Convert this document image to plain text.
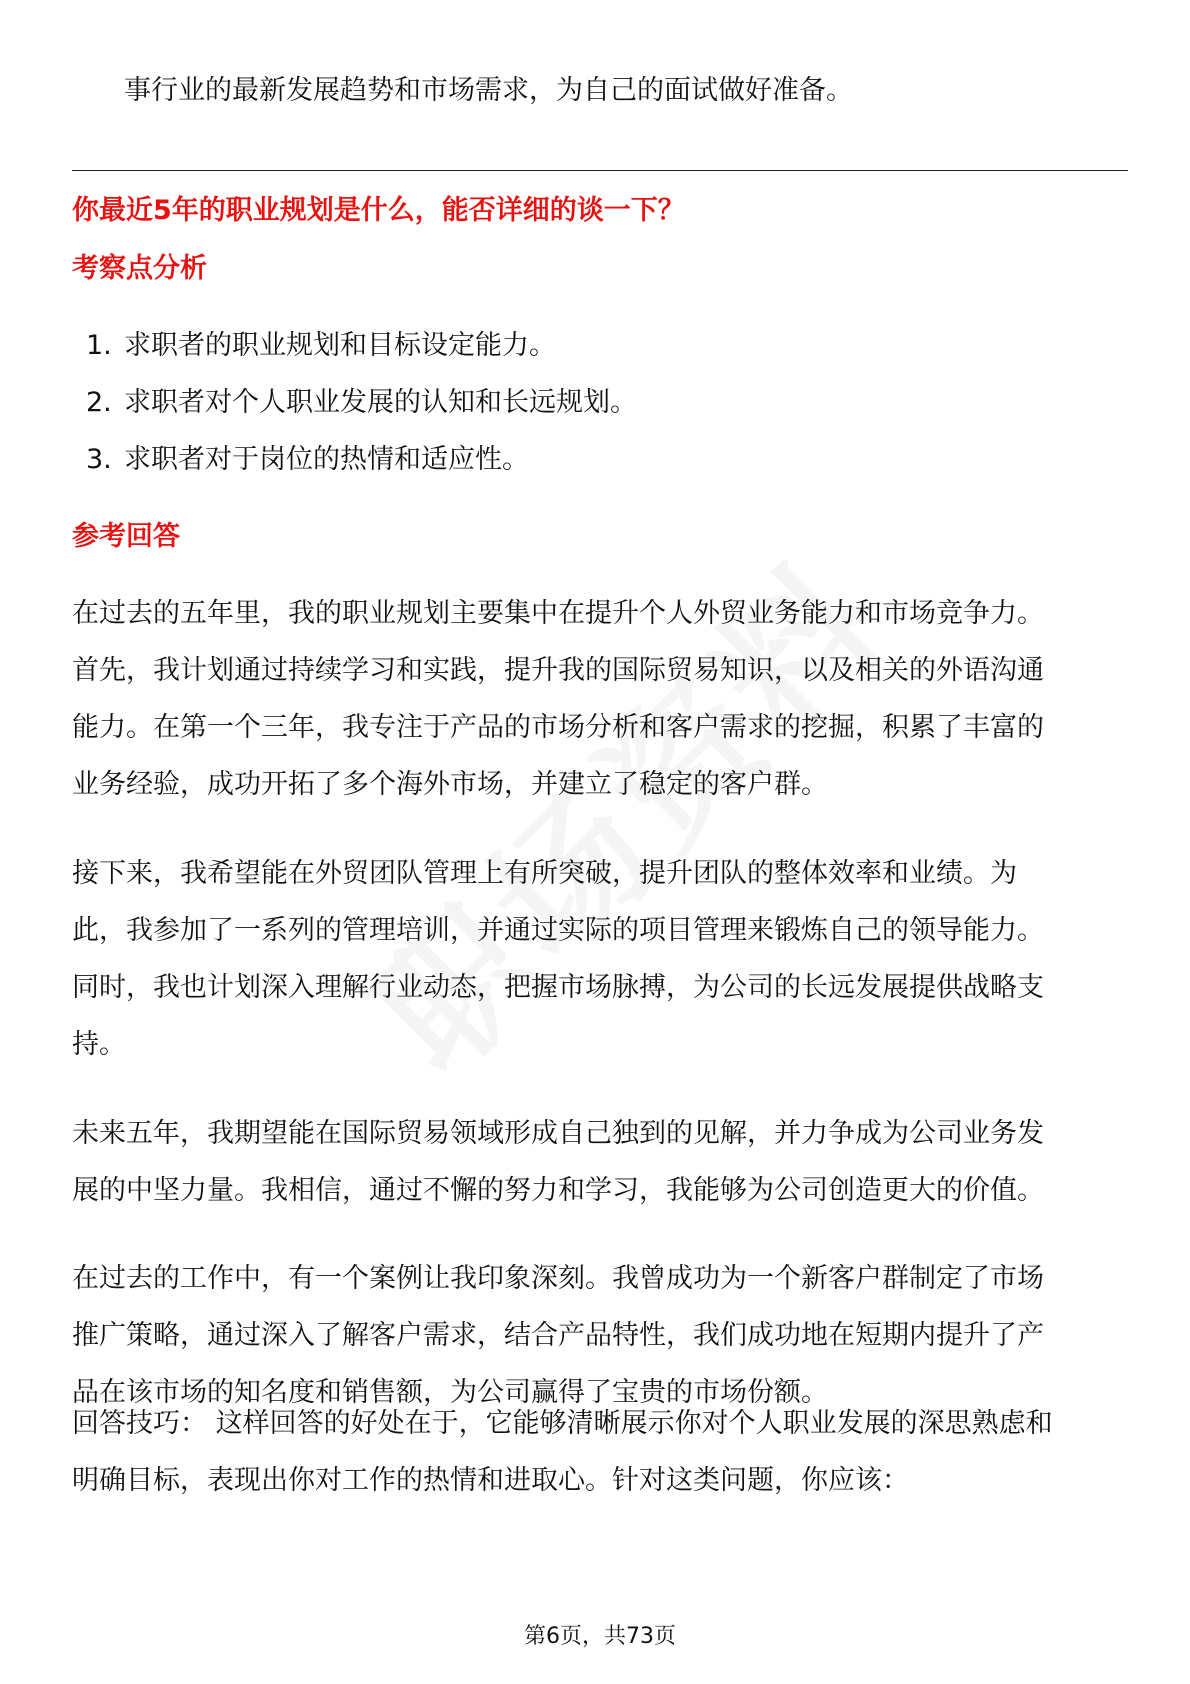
事行业的最新发展趋势和市场需求，为自己的面试做好准备。

你最近5年的职业规划是什么，能否详细的谈一下？
考察点分析
1. 求职者的职业规划和目标设定能力。
2. 求职者对个人职业发展的认知和长远规划。
3. 求职者对于岗位的热情和适应性。
参考回答

在过去的五年里，我的职业规划主要集中在提升个人外贸业务能力和市场竞争力。

首先，我计划通过持续学习和实践，提升我的国际贸易知识，以及相关的外语沟通

能力。在第一个三年，我专注于产品的市场分析和客户需求的挖掘，积累了丰富的

业务经验，成功开拓了多个海外市场，并建立了稳定的客户群。

接下来，我希望能在外贸团队管理上有所突破，提升团队的整体效率和业绩。为

此，我参加了一系列的管理培训，并通过实际的项目管理来锻炼自己的领导能力。

同时，我也计划深入理解行业动态，把握市场脉搏，为公司的长远发展提供战略支

持。

未来五年，我期望能在国际贸易领域形成自己独到的见解，并力争成为公司业务发

展的中坚力量。我相信，通过不懈的努力和学习，我能够为公司创造更大的价值。

在过去的工作中，有一个案例让我印象深刻。我曾成功为一个新客户群制定了市场

推广策略，通过深入了解客户需求，结合产品特性，我们成功地在短期内提升了产

品在该市场的知名度和销售额，为公司赢得了宝贵的市场份额。

回答技巧： 这样回答的好处在于，它能够清晰展示你对个人职业发展的深思熟虑和

明确目标，表现出你对工作的热情和进取心。针对这类问题，你应该：

第6页，共73页
